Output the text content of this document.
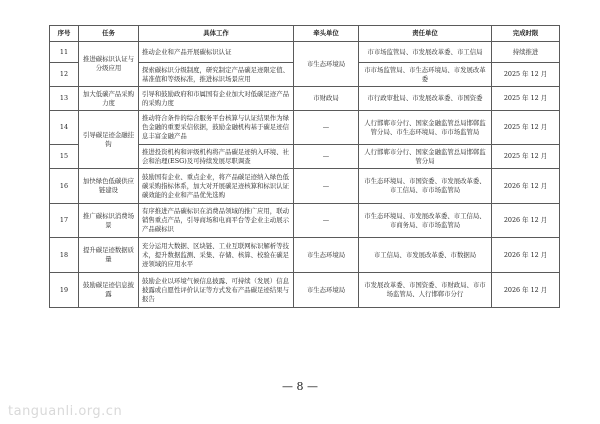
序号	任务	具体工作	牵头单位	责任单位	完成时限
11	推进碳标识认证与分级应用	推动企业和产品开展碳标识认证	市生态环境局	市市场监管局、市发展改革委、市工信局	持续推进
12		探索碳标识分级制度，研究制定产品碳足迹限定值、基准值和等级标准，推进标识场景应用		市市场监管局、市生态环境局、市发展改革委	2025 年 12 月
13	加大低碳产品采购力度	引导和鼓励政府和市属国有企业加大对低碳足迹产品的采购力度	市财政局	市行政审批局、市发展改革委、市国资委	2025 年 12 月
14	引导碳足迹金融挂钩	推动符合条件的综合服务平台核算与认证结果作为绿色金融的重要采信依据，鼓励金融机构基于碳足迹信息丰富金融产品	—	人行邯郸市分行、国家金融监管总局邯郸监管分局、市生态环境局、市市场监管局	2025 年 12 月
15		推进投资机构和评级机构将产品碳足迹纳入环境、社会和治理(ESG)及可持续发展尽职调查	—	人行邯郸市分行、国家金融监管总局邯郸监管分局	2025 年 12 月
16	加快绿色低碳供应链建设	鼓励国有企业、重点企业，将产品碳足迹纳入绿色低碳采购指标体系，加大对开展碳足迹核算和标识认证碳效能的企业和产品优先选购	—	市生态环境局、市国资委、市发展改革委、市工信局、市市场监管局	2026 年 12 月
17	推广碳标识消费场景	有序推进产品碳标识在消费品领域的推广应用，联动销售重点产品，引导商场和电商平台等企业主动展示产品碳标识	—	市生态环境局、市发展改革委、市工信局、市商务局、市市场监管局	2026 年 12 月
18	提升碳足迹数据质量	充分运用大数据、区块链、工业互联网标识解析等技术，提升数据监测、采集、存储、核算、校验在碳足迹领域的应用水平	市生态环境局	市工信局、市发展改革委、市数据局	2026 年 12 月
19	鼓励碳足迹信息披露	鼓励企业以环境气候信息披露、可持续（发展）信息披露或自愿性评价认证等方式发布产品碳足迹结果与报告	市生态环境局	市发展改革委、市国资委、市财政局、市市场监管局、人行邯郸市分行	2026 年 12 月
— 8 —
tanguanli.org.cn
